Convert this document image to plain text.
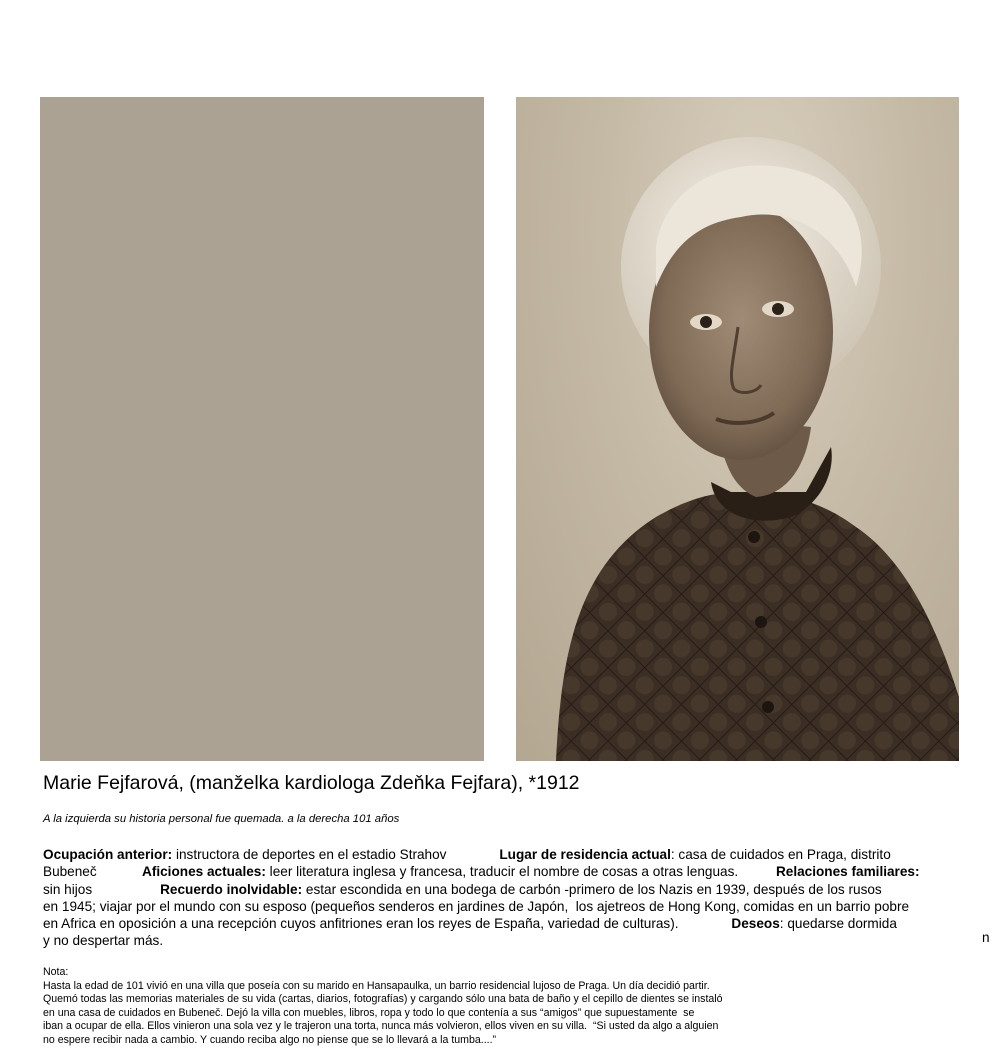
Marie Fejfarová, (manželka kardiologa Zdeňka Fejfara), *1912
A la izquierda su historia personal fue quemada. a la derecha 101 años
Ocupación anterior: instructora de deportes en el estadio Strahov              Lugar de residencia actual: casa de cuidados en Praga, distrito
Bubeneč            Aficiones actuales: leer literatura inglesa y francesa, traducir el nombre de cosas a otras lenguas.          Relaciones familiares:
sin hijos                  Recuerdo inolvidable: estar escondida en una bodega de carbón -primero de los Nazis en 1939, después de los rusos
en 1945; viajar por el mundo con su esposo (pequeños senderos en jardines de Japón,  los ajetreos de Hong Kong, comidas en un barrio pobre
en Africa en oposición a una recepción cuyos anfitriones eran los reyes de España, variedad de culturas).              Deseos: quedarse dormida
y no despertar más.	n
Nota:
Hasta la edad de 101 vivió en una villa que poseía con su marido en Hansapaulka, un barrio residencial lujoso de Praga. Un día decidió partir.
Quemó todas las memorias materiales de su vida (cartas, diarios, fotografías) y cargando sólo una bata de baño y el cepillo de dientes se instaló
en una casa de cuidados en Bubeneč. Dejó la villa con muebles, libros, ropa y todo lo que contenía a sus “amigos” que supuestamente  se
iban a ocupar de ella. Ellos vinieron una sola vez y le trajeron una torta, nunca más volvieron, ellos viven en su villa.  “Si usted da algo a alguien
no espere recibir nada a cambio. Y cuando reciba algo no piense que se lo llevará a la tumba....”
